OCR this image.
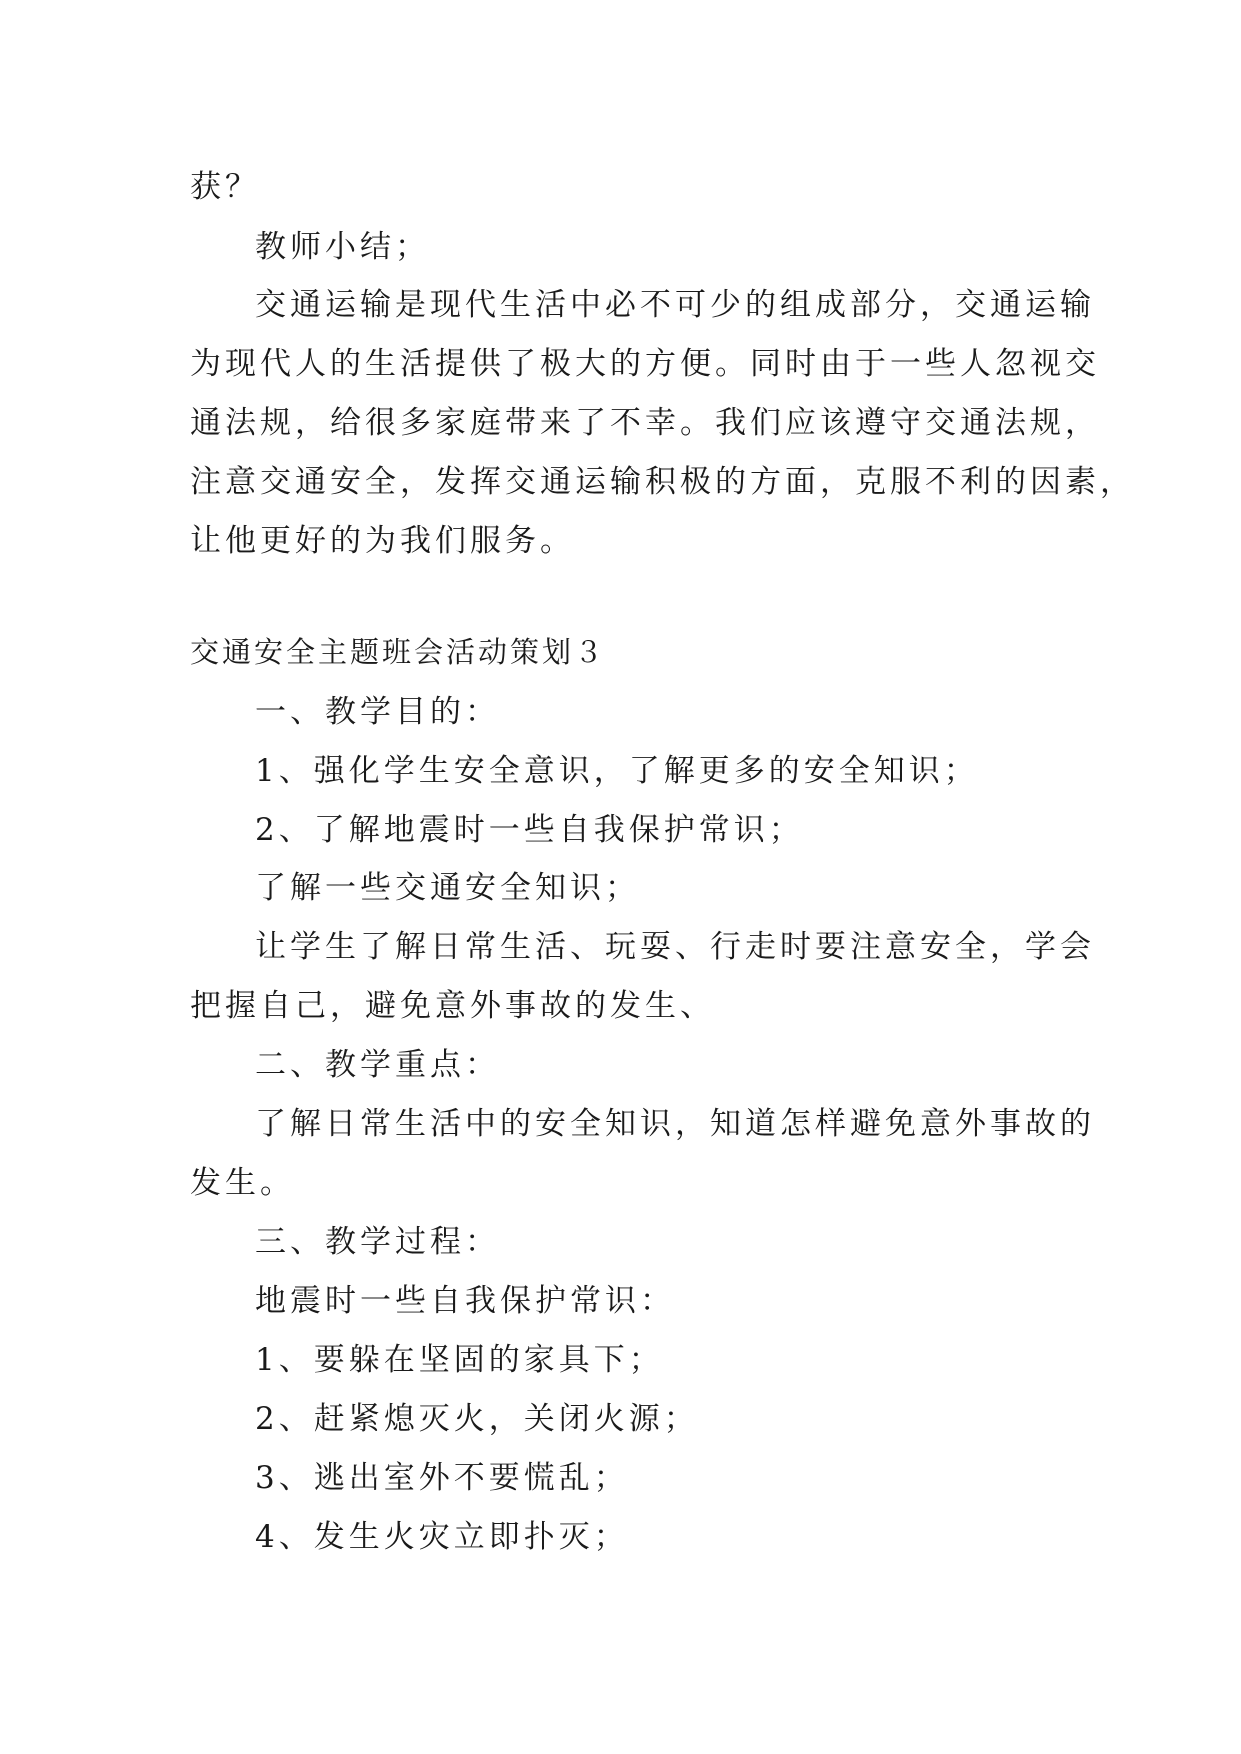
获？
教师小结；
交通运输是现代生活中必不可少的组成部分，交通运输
为现代人的生活提供了极大的方便。同时由于一些人忽视交
通法规，给很多家庭带来了不幸。我们应该遵守交通法规，
注意交通安全，发挥交通运输积极的方面，克服不利的因素，
让他更好的为我们服务。
交通安全主题班会活动策划３
一、教学目的：
1、强化学生安全意识，了解更多的安全知识；
2、了解地震时一些自我保护常识；
了解一些交通安全知识；
让学生了解日常生活、玩耍、行走时要注意安全，学会
把握自己，避免意外事故的发生、
二、教学重点：
了解日常生活中的安全知识，知道怎样避免意外事故的
发生。
三、教学过程：
地震时一些自我保护常识：
1、要躲在坚固的家具下；
2、赶紧熄灭火，关闭火源；
3、逃出室外不要慌乱；
4、发生火灾立即扑灭；
